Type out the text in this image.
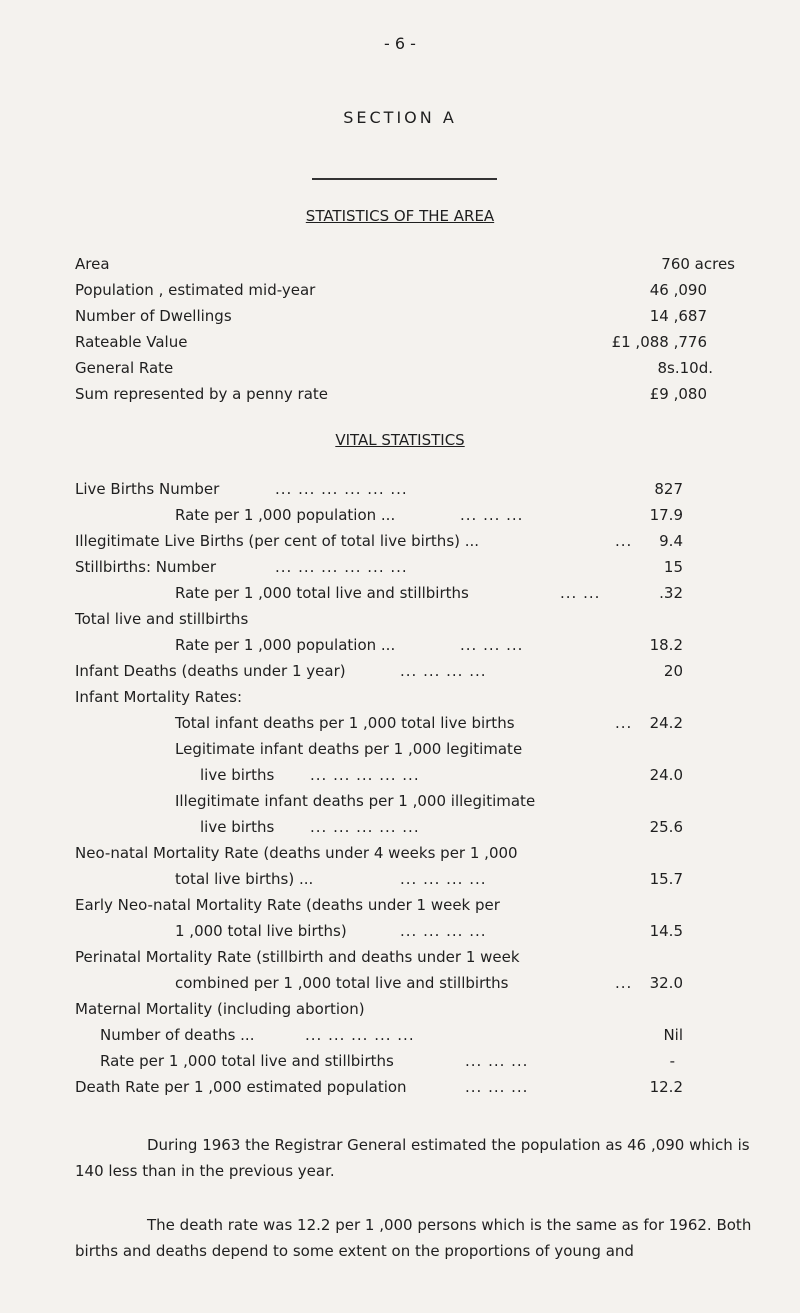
- 6 -
SECTION A
STATISTICS OF THE AREA
Area	760 acres
Population , estimated mid-year	46 ,090
Number of Dwellings	14 ,687
Rateable Value	£1 ,088 ,776
General Rate	8s.10d.
Sum represented by a penny rate	£9 ,080
VITAL STATISTICS
Live Births Number	... ... ... ... ... ...	827
Rate per 1 ,000 population ...	... ... ...	17.9
Illegitimate Live Births (per cent of total live births) ...	... 9.4
Stillbirths: Number	... ... ... ... ... ...	15
Rate per 1 ,000 total live and stillbirths	... ...	.32
Total live and stillbirths
Rate per 1 ,000 population ...	... ... ...	18.2
Infant Deaths (deaths under 1 year)	... ... ... ...	20
Infant Mortality Rates:
Total infant deaths per 1 ,000 total live births	... 24.2
Legitimate infant deaths per 1 ,000 legitimate
live births ... ... ... ... ...	24.0
Illegitimate infant deaths per 1 ,000 illegitimate
live births ... ... ... ... ...	25.6
Neo-natal Mortality Rate (deaths under 4 weeks per 1 ,000
total live births) ...	... ... ... ...	15.7
Early Neo-natal Mortality Rate (deaths under 1 week per
1 ,000 total live births)	... ... ... ...	14.5
Perinatal Mortality Rate (stillbirth and deaths under 1 week
combined per 1 ,000 total live and stillbirths	... 32.0
Maternal Mortality (including abortion)
Number of deaths ...	... ... ... ... ...	Nil
Rate per 1 ,000 total live and stillbirths	... ... ...	-
Death Rate per 1 ,000 estimated population	... ... ...	12.2
During 1963 the Registrar General estimated the population as 46 ,090 which is 140 less than in the previous year.
The death rate was 12.2 per 1 ,000 persons which is the same as for 1962. Both births and deaths depend to some extent on the proportions of young and
